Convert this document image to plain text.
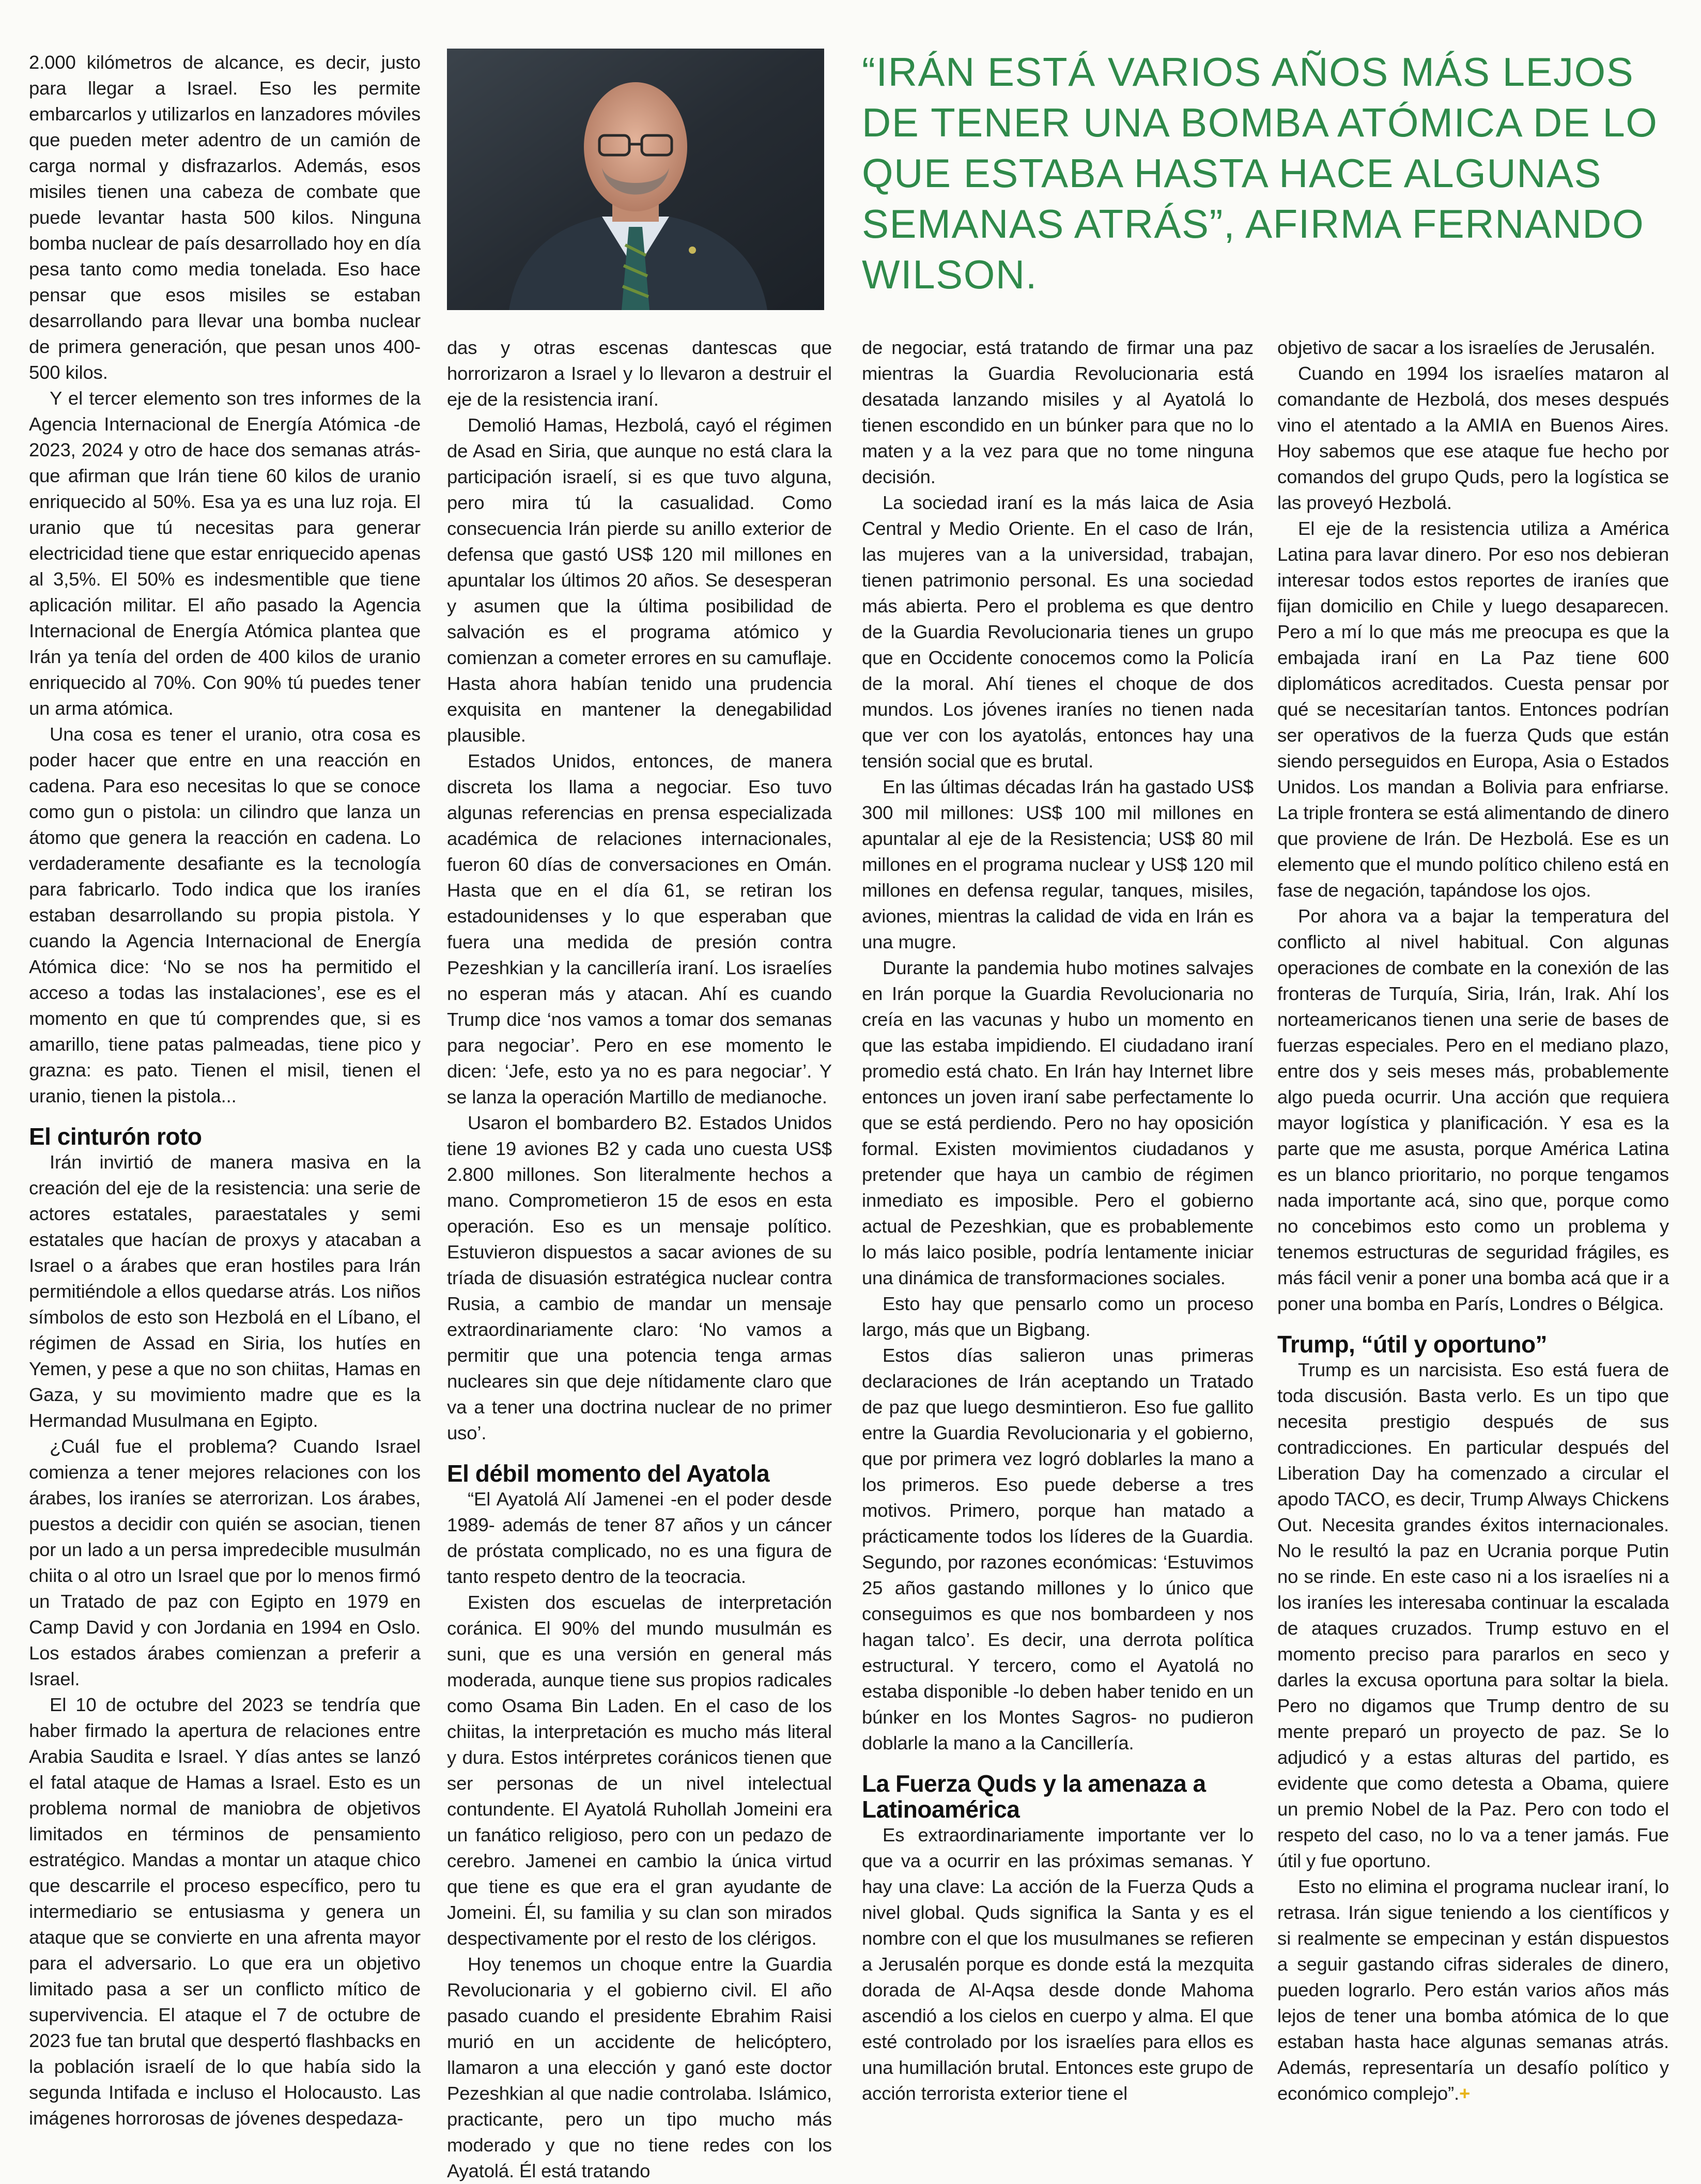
“IRÁN ESTÁ VARIOS AÑOS MÁS LEJOS DE TENER UNA BOMBA ATÓMICA DE LO QUE ESTABA HASTA HACE ALGUNAS SEMANAS ATRÁS”, AFIRMA FERNANDO WILSON.

2.000 kilómetros de alcance, es decir, justo para llegar a Israel. Eso les permite embarcarlos y utilizarlos en lanzadores móviles que pueden meter adentro de un camión de carga normal y disfrazarlos. Además, esos misiles tienen una cabeza de combate que puede levantar hasta 500 kilos. Ninguna bomba nuclear de país desarrollado hoy en día pesa tanto como media tonelada. Eso hace pensar que esos misiles se estaban desarrollando para llevar una bomba nuclear de primera generación, que pesan unos 400-500 kilos.

Y el tercer elemento son tres informes de la Agencia Internacional de Energía Atómica -de 2023, 2024 y otro de hace dos semanas atrás- que afirman que Irán tiene 60 kilos de uranio enriquecido al 50%. Esa ya es una luz roja. El uranio que tú necesitas para generar electricidad tiene que estar enriquecido apenas al 3,5%. El 50% es indesmentible que tiene aplicación militar. El año pasado la Agencia Internacional de Energía Atómica plantea que Irán ya tenía del orden de 400 kilos de uranio enriquecido al 70%. Con 90% tú puedes tener un arma atómica.

Una cosa es tener el uranio, otra cosa es poder hacer que entre en una reacción en cadena. Para eso necesitas lo que se conoce como gun o pistola: un cilindro que lanza un átomo que genera la reacción en cadena. Lo verdaderamente desafiante es la tecnología para fabricarlo. Todo indica que los iraníes estaban desarrollando su propia pistola. Y cuando la Agencia Internacional de Energía Atómica dice: ‘No se nos ha permitido el acceso a todas las instalaciones’, ese es el momento en que tú comprendes que, si es amarillo, tiene patas palmeadas, tiene pico y grazna: es pato. Tienen el misil, tienen el uranio, tienen la pistola...

El cinturón roto

Irán invirtió de manera masiva en la creación del eje de la resistencia: una serie de actores estatales, paraestatales y semi estatales que hacían de proxys y atacaban a Israel o a árabes que eran hostiles para Irán permitiéndole a ellos quedarse atrás. Los niños símbolos de esto son Hezbolá en el Líbano, el régimen de Assad en Siria, los hutíes en Yemen, y pese a que no son chiitas, Hamas en Gaza, y su movimiento madre que es la Hermandad Musulmana en Egipto.

¿Cuál fue el problema? Cuando Israel comienza a tener mejores relaciones con los árabes, los iraníes se aterrorizan. Los árabes, puestos a decidir con quién se asocian, tienen por un lado a un persa impredecible musulmán chiita o al otro un Israel que por lo menos firmó un Tratado de paz con Egipto en 1979 en Camp David y con Jordania en 1994 en Oslo. Los estados árabes comienzan a preferir a Israel.

El 10 de octubre del 2023 se tendría que haber firmado la apertura de relaciones entre Arabia Saudita e Israel. Y días antes se lanzó el fatal ataque de Hamas a Israel. Esto es un problema normal de maniobra de objetivos limitados en términos de pensamiento estratégico. Mandas a montar un ataque chico que descarrile el proceso específico, pero tu intermediario se entusiasma y genera un ataque que se convierte en una afrenta mayor para el adversario. Lo que era un objetivo limitado pasa a ser un conflicto mítico de supervivencia. El ataque el 7 de octubre de 2023 fue tan brutal que despertó flashbacks en la población israelí de lo que había sido la segunda Intifada e incluso el Holocausto. Las imágenes horrorosas de jóvenes despedaza-

das y otras escenas dantescas que horrorizaron a Israel y lo llevaron a destruir el eje de la resistencia iraní.

Demolió Hamas, Hezbolá, cayó el régimen de Asad en Siria, que aunque no está clara la participación israelí, si es que tuvo alguna, pero mira tú la casualidad. Como consecuencia Irán pierde su anillo exterior de defensa que gastó US$ 120 mil millones en apuntalar los últimos 20 años. Se desesperan y asumen que la última posibilidad de salvación es el programa atómico y comienzan a cometer errores en su camuflaje. Hasta ahora habían tenido una prudencia exquisita en mantener la denegabilidad plausible.

Estados Unidos, entonces, de manera discreta los llama a negociar. Eso tuvo algunas referencias en prensa especializada académica de relaciones internacionales, fueron 60 días de conversaciones en Omán. Hasta que en el día 61, se retiran los estadounidenses y lo que esperaban que fuera una medida de presión contra Pezeshkian y la cancillería iraní. Los israelíes no esperan más y atacan. Ahí es cuando Trump dice ‘nos vamos a tomar dos semanas para negociar’. Pero en ese momento le dicen: ‘Jefe, esto ya no es para negociar’. Y se lanza la operación Martillo de medianoche.

Usaron el bombardero B2. Estados Unidos tiene 19 aviones B2 y cada uno cuesta US$ 2.800 millones. Son literalmente hechos a mano. Comprometieron 15 de esos en esta operación. Eso es un mensaje político. Estuvieron dispuestos a sacar aviones de su tríada de disuasión estratégica nuclear contra Rusia, a cambio de mandar un mensaje extraordinariamente claro: ‘No vamos a permitir que una potencia tenga armas nucleares sin que deje nítidamente claro que va a tener una doctrina nuclear de no primer uso’.

El débil momento del Ayatola

“El Ayatolá Alí Jamenei -en el poder desde 1989- además de tener 87 años y un cáncer de próstata complicado, no es una figura de tanto respeto dentro de la teocracia.

Existen dos escuelas de interpretación coránica. El 90% del mundo musulmán es suni, que es una versión en general más moderada, aunque tiene sus propios radicales como Osama Bin Laden. En el caso de los chiitas, la interpretación es mucho más literal y dura. Estos intérpretes coránicos tienen que ser personas de un nivel intelectual contundente. El Ayatolá Ruhollah Jomeini era un fanático religioso, pero con un pedazo de cerebro. Jamenei en cambio la única virtud que tiene es que era el gran ayudante de Jomeini. Él, su familia y su clan son mirados despectivamente por el resto de los clérigos.

Hoy tenemos un choque entre la Guardia Revolucionaria y el gobierno civil. El año pasado cuando el presidente Ebrahim Raisi murió en un accidente de helicóptero, llamaron a una elección y ganó este doctor Pezeshkian al que nadie controlaba. Islámico, practicante, pero un tipo mucho más moderado y que no tiene redes con los Ayatolá. Él está tratando

de negociar, está tratando de firmar una paz mientras la Guardia Revolucionaria está desatada lanzando misiles y al Ayatolá lo tienen escondido en un búnker para que no lo maten y a la vez para que no tome ninguna decisión.

La sociedad iraní es la más laica de Asia Central y Medio Oriente. En el caso de Irán, las mujeres van a la universidad, trabajan, tienen patrimonio personal. Es una sociedad más abierta. Pero el problema es que dentro de la Guardia Revolucionaria tienes un grupo que en Occidente conocemos como la Policía de la moral. Ahí tienes el choque de dos mundos. Los jóvenes iraníes no tienen nada que ver con los ayatolás, entonces hay una tensión social que es brutal.

En las últimas décadas Irán ha gastado US$ 300 mil millones: US$ 100 mil millones en apuntalar al eje de la Resistencia; US$ 80 mil millones en el programa nuclear y US$ 120 mil millones en defensa regular, tanques, misiles, aviones, mientras la calidad de vida en Irán es una mugre.

Durante la pandemia hubo motines salvajes en Irán porque la Guardia Revolucionaria no creía en las vacunas y hubo un momento en que las estaba impidiendo. El ciudadano iraní promedio está chato. En Irán hay Internet libre entonces un joven iraní sabe perfectamente lo que se está perdiendo. Pero no hay oposición formal. Existen movimientos ciudadanos y pretender que haya un cambio de régimen inmediato es imposible. Pero el gobierno actual de Pezeshkian, que es probablemente lo más laico posible, podría lentamente iniciar una dinámica de transformaciones sociales.

Esto hay que pensarlo como un proceso largo, más que un Bigbang.

Estos días salieron unas primeras declaraciones de Irán aceptando un Tratado de paz que luego desmintieron. Eso fue gallito entre la Guardia Revolucionaria y el gobierno, que por primera vez logró doblarles la mano a los primeros. Eso puede deberse a tres motivos. Primero, porque han matado a prácticamente todos los líderes de la Guardia. Segundo, por razones económicas: ‘Estuvimos 25 años gastando millones y lo único que conseguimos es que nos bombardeen y nos hagan talco’. Es decir, una derrota política estructural. Y tercero, como el Ayatolá no estaba disponible -lo deben haber tenido en un búnker en los Montes Sagros- no pudieron doblarle la mano a la Cancillería.

La Fuerza Quds y la amenaza a Latinoamérica

Es extraordinariamente importante ver lo que va a ocurrir en las próximas semanas. Y hay una clave: La acción de la Fuerza Quds a nivel global. Quds significa la Santa y es el nombre con el que los musulmanes se refieren a Jerusalén porque es donde está la mezquita dorada de Al-Aqsa desde donde Mahoma ascendió a los cielos en cuerpo y alma. El que esté controlado por los israelíes para ellos es una humillación brutal. Entonces este grupo de acción terrorista exterior tiene el

objetivo de sacar a los israelíes de Jerusalén.

Cuando en 1994 los israelíes mataron al comandante de Hezbolá, dos meses después vino el atentado a la AMIA en Buenos Aires. Hoy sabemos que ese ataque fue hecho por comandos del grupo Quds, pero la logística se las proveyó Hezbolá.

El eje de la resistencia utiliza a América Latina para lavar dinero. Por eso nos debieran interesar todos estos reportes de iraníes que fijan domicilio en Chile y luego desaparecen. Pero a mí lo que más me preocupa es que la embajada iraní en La Paz tiene 600 diplomáticos acreditados. Cuesta pensar por qué se necesitarían tantos. Entonces podrían ser operativos de la fuerza Quds que están siendo perseguidos en Europa, Asia o Estados Unidos. Los mandan a Bolivia para enfriarse. La triple frontera se está alimentando de dinero que proviene de Irán. De Hezbolá. Ese es un elemento que el mundo político chileno está en fase de negación, tapándose los ojos.

Por ahora va a bajar la temperatura del conflicto al nivel habitual. Con algunas operaciones de combate en la conexión de las fronteras de Turquía, Siria, Irán, Irak. Ahí los norteamericanos tienen una serie de bases de fuerzas especiales. Pero en el mediano plazo, entre dos y seis meses más, probablemente algo pueda ocurrir. Una acción que requiera mayor logística y planificación. Y esa es la parte que me asusta, porque América Latina es un blanco prioritario, no porque tengamos nada importante acá, sino que, porque como no concebimos esto como un problema y tenemos estructuras de seguridad frágiles, es más fácil venir a poner una bomba acá que ir a poner una bomba en París, Londres o Bélgica.

Trump, “útil y oportuno”

Trump es un narcisista. Eso está fuera de toda discusión. Basta verlo. Es un tipo que necesita prestigio después de sus contradicciones. En particular después del Liberation Day ha comenzado a circular el apodo TACO, es decir, Trump Always Chickens Out. Necesita grandes éxitos internacionales. No le resultó la paz en Ucrania porque Putin no se rinde. En este caso ni a los israelíes ni a los iraníes les interesaba continuar la escalada de ataques cruzados. Trump estuvo en el momento preciso para pararlos en seco y darles la excusa oportuna para soltar la biela. Pero no digamos que Trump dentro de su mente preparó un proyecto de paz. Se lo adjudicó y a estas alturas del partido, es evidente que como detesta a Obama, quiere un premio Nobel de la Paz. Pero con todo el respeto del caso, no lo va a tener jamás. Fue útil y fue oportuno.

Esto no elimina el programa nuclear iraní, lo retrasa. Irán sigue teniendo a los científicos y si realmente se empecinan y están dispuestos a seguir gastando cifras siderales de dinero, pueden lograrlo. Pero están varios años más lejos de tener una bomba atómica de lo que estaban hasta hace algunas semanas atrás. Además, representaría un desafío político y económico complejo”.+
